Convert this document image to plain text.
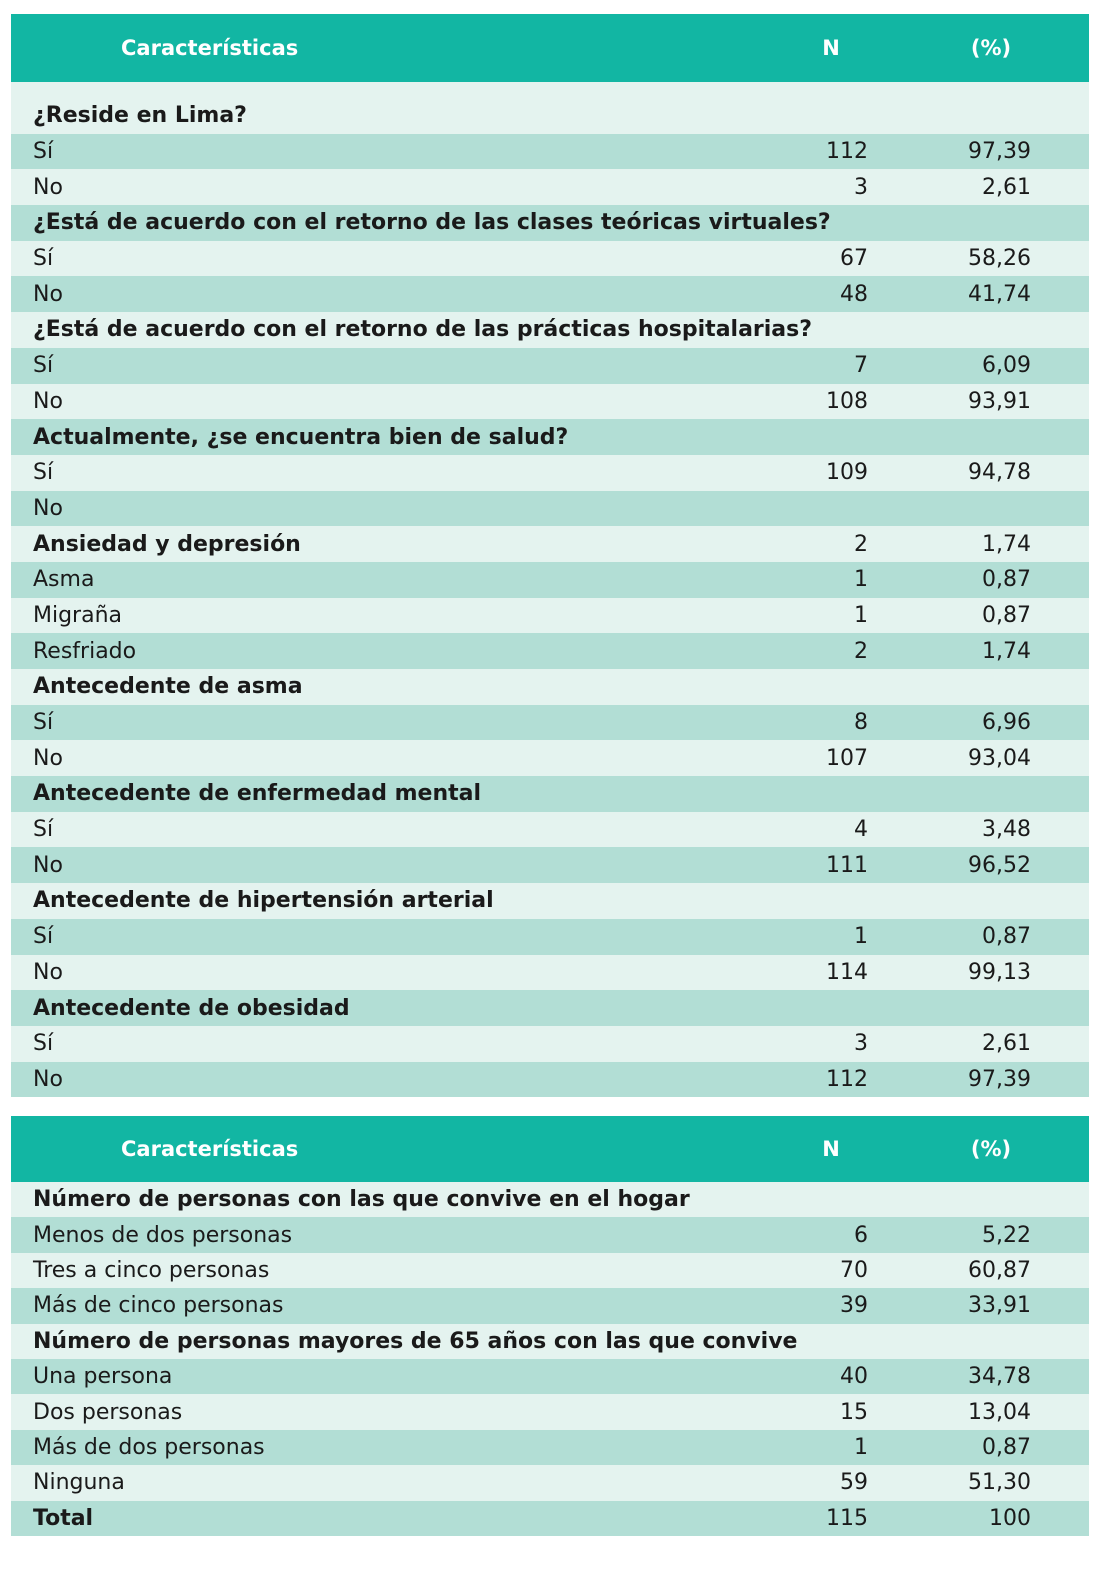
Características	N	(%)
¿Reside en Lima?
Sí	112	97,39
No	3	2,61
¿Está de acuerdo con el retorno de las clases teóricas virtuales?
Sí	67	58,26
No	48	41,74
¿Está de acuerdo con el retorno de las prácticas hospitalarias?
Sí	7	6,09
No	108	93,91
Actualmente, ¿se encuentra bien de salud?
Sí	109	94,78
No
Ansiedad y depresión	2	1,74
Asma	1	0,87
Migraña	1	0,87
Resfriado	2	1,74
Antecedente de asma
Sí	8	6,96
No	107	93,04
Antecedente de enfermedad mental
Sí	4	3,48
No	111	96,52
Antecedente de hipertensión arterial
Sí	1	0,87
No	114	99,13
Antecedente de obesidad
Sí	3	2,61
No	112	97,39
Características	N	(%)
Número de personas con las que convive en el hogar
Menos de dos personas	6	5,22
Tres a cinco personas	70	60,87
Más de cinco personas	39	33,91
Número de personas mayores de 65 años con las que convive
Una persona	40	34,78
Dos personas	15	13,04
Más de dos personas	1	0,87
Ninguna	59	51,30
Total	115	100
